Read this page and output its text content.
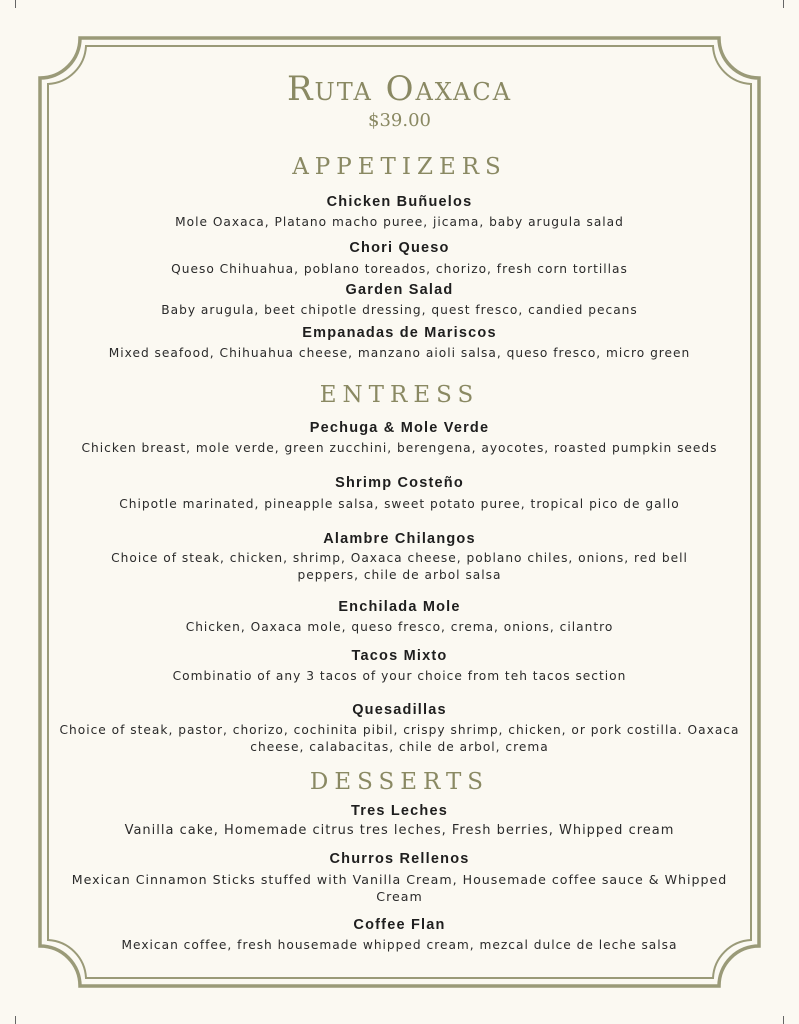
Ruta Oaxaca
$39.00
APPETIZERS
Chicken Buñuelos
Mole Oaxaca, Platano macho puree, jicama, baby arugula salad
Chori Queso
Queso Chihuahua, poblano toreados, chorizo, fresh corn tortillas
Garden Salad
Baby arugula, beet chipotle dressing, quest fresco, candied pecans
Empanadas de Mariscos
Mixed seafood, Chihuahua cheese, manzano aioli salsa, queso fresco, micro green
ENTRESS
Pechuga & Mole Verde
Chicken breast, mole verde, green zucchini, berengena, ayocotes, roasted pumpkin seeds
Shrimp Costeño
Chipotle marinated, pineapple salsa, sweet potato puree, tropical pico de gallo
Alambre Chilangos
Choice of steak, chicken, shrimp, Oaxaca cheese, poblano chiles, onions, red bell peppers, chile de arbol salsa
Enchilada Mole
Chicken, Oaxaca mole, queso fresco, crema, onions, cilantro
Tacos Mixto
Combinatio of any 3 tacos of your choice from teh tacos section
Quesadillas
Choice of steak, pastor, chorizo, cochinita pibil, crispy shrimp, chicken, or pork costilla. Oaxaca cheese, calabacitas, chile de arbol, crema
DESSERTS
Tres Leches
Vanilla cake, Homemade citrus tres leches, Fresh berries, Whipped cream
Churros Rellenos
Mexican Cinnamon Sticks stuffed with Vanilla Cream, Housemade coffee sauce & Whipped Cream
Coffee Flan
Mexican coffee, fresh housemade whipped cream, mezcal dulce de leche salsa
